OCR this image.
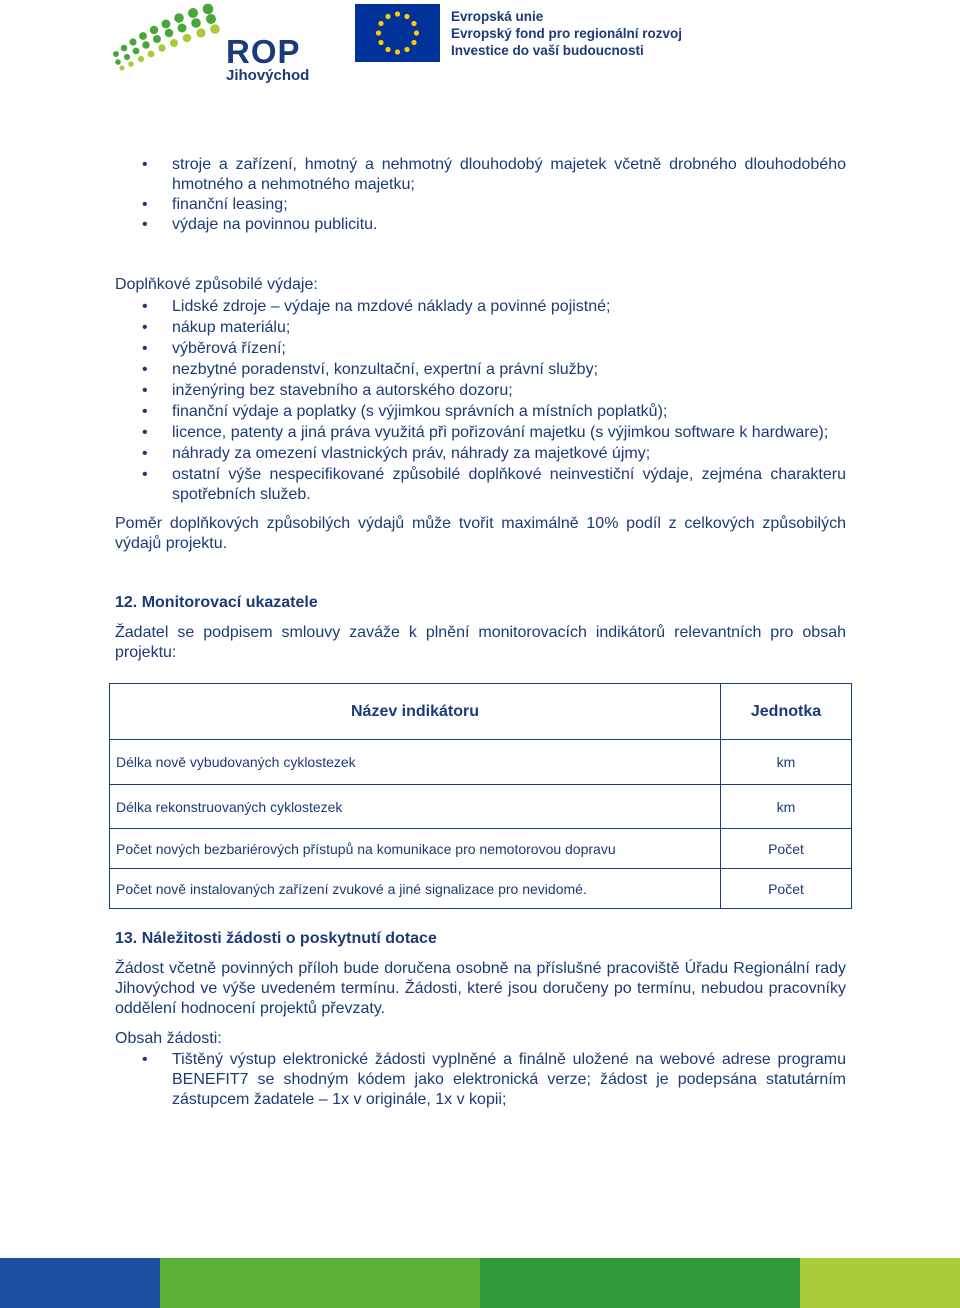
ROP
Jihovýchod
Evropská unie
Evropský fond pro regionální rozvoj
Investice do vaší budoucnosti
• stroje a zařízení, hmotný a nehmotný dlouhodobý majetek včetně drobného dlouhodobého hmotného a nehmotného majetku;
• finanční leasing;
• výdaje na povinnou publicitu.

Doplňkové způsobilé výdaje:

• Lidské zdroje – výdaje na mzdové náklady a povinné pojistné;
• nákup materiálu;
• výběrová řízení;
• nezbytné poradenství, konzultační, expertní a právní služby;
• inženýring bez stavebního a autorského dozoru;
• finanční výdaje a poplatky (s výjimkou správních a místních poplatků);
• licence, patenty a jiná práva využitá při pořizování majetku (s výjimkou software k hardware);
• náhrady za omezení vlastnických práv, náhrady za majetkové újmy;
• ostatní výše nespecifikované způsobilé doplňkové neinvestiční výdaje, zejména charakteru spotřebních služeb.

Poměr doplňkových způsobilých výdajů může tvořit maximálně 10% podíl z celkových způsobilých výdajů projektu.

12. Monitorovací ukazatele

Žadatel se podpisem smlouvy zaváže k plnění monitorovacích indikátorů relevantních pro obsah projektu:

Název indikátoru	Jednotka
Délka nově vybudovaných cyklostezek	km
Délka rekonstruovaných cyklostezek	km
Počet nových bezbariérových přístupů na komunikace pro nemotorovou dopravu	Počet
Počet nově instalovaných zařízení zvukové a jiné signalizace pro nevidomé.	Počet
13. Náležitosti žádosti o poskytnutí dotace

Žádost včetně povinných příloh bude doručena osobně na příslušné pracoviště Úřadu Regionální rady Jihovýchod ve výše uvedeném termínu. Žádosti, které jsou doručeny po termínu, nebudou pracovníky oddělení hodnocení projektů převzaty.

Obsah žádosti:

• Tištěný výstup elektronické žádosti vyplněné a finálně uložené na webové adrese programu BENEFIT7 se shodným kódem jako elektronická verze; žádost je podepsána statutárním zástupcem žadatele – 1x v originále, 1x v kopii;
